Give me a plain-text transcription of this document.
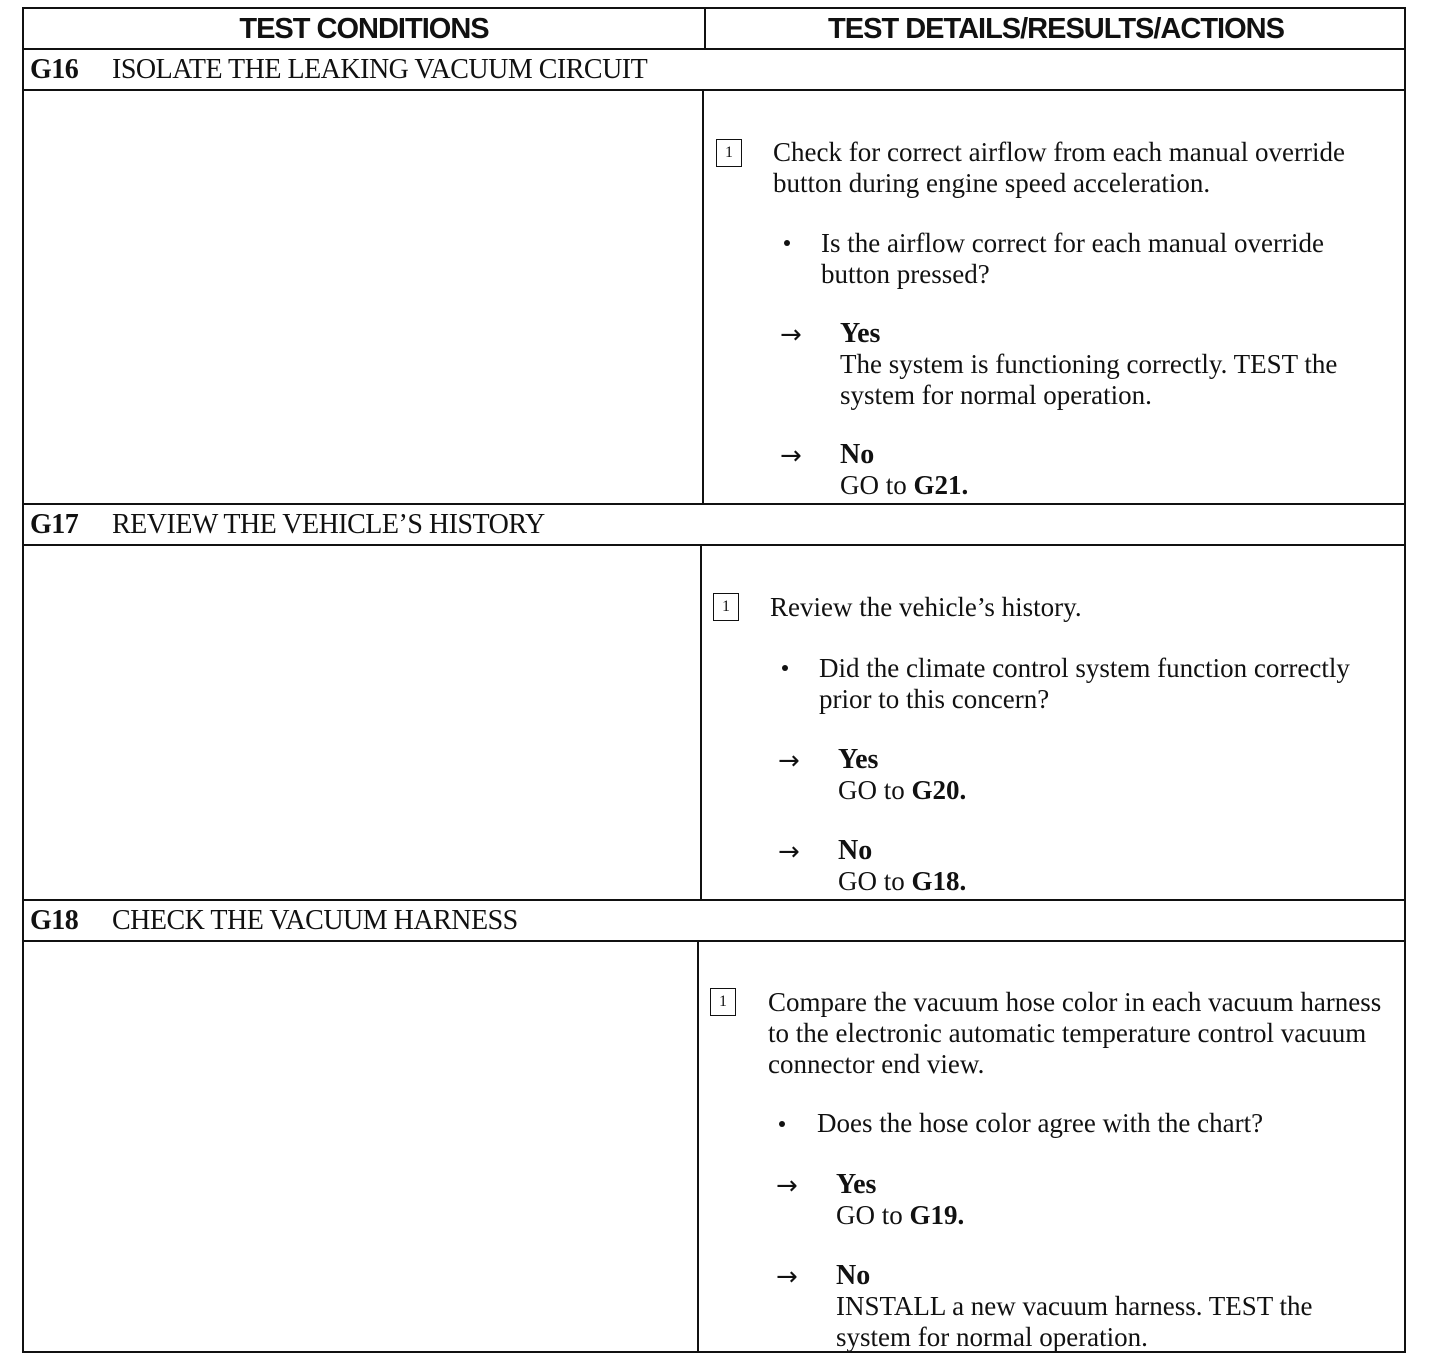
TEST CONDITIONS	TEST DETAILS/RESULTS/ACTIONS
G16 ISOLATE THE LEAKING VACUUM CIRCUIT
1	Check for correct airflow from each manual override button during engine speed acceleration.
Is the airflow correct for each manual override button pressed?
→ Yes
The system is functioning correctly. TEST the system for normal operation.
→ No
GO to G21.
G17 REVIEW THE VEHICLE’S HISTORY
1	Review the vehicle’s history.
Did the climate control system function correctly prior to this concern?
→ Yes
GO to G20.
→ No
GO to G18.
G18 CHECK THE VACUUM HARNESS
1	Compare the vacuum hose color in each vacuum harness to the electronic automatic temperature control vacuum connector end view.
Does the hose color agree with the chart?
→ Yes
GO to G19.
→ No
INSTALL a new vacuum harness. TEST the system for normal operation.
